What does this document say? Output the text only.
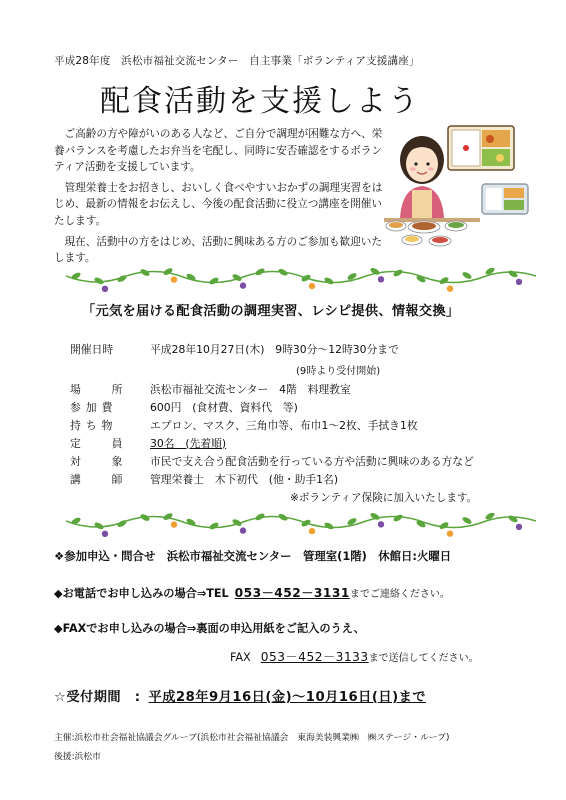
平成28年度　浜松市福祉交流センター　自主事業「ボランティア支援講座」
配食活動を支援しよう

　ご高齢の方や障がいのある人など、ご自分で調理が困難な方へ、栄養バランスを考慮したお弁当を宅配し、同時に安否確認をするボランティア活動を支援しています。

　管理栄養士をお招きし、おいしく食べやすいおかずの調理実習をはじめ、最新の情報をお伝えし、今後の配食活動に役立つ講座を開催いたします。

　現在、活動中の方をはじめ、活動に興味ある方のご参加も歓迎いたします。

「元気を届ける配食活動の調理実習、レシピ提供、情報交換」
開催日時	平成28年10月27日(木)　9時30分～12時30分まで
(9時より受付開始)
場　所	浜松市福祉交流センター　4階　料理教室
参加費	600円　(食材費、資料代　等)
持ち物	エプロン、マスク、三角巾等、布巾1～2枚、手拭き1枚
定　員	30名　(先着順)
対　象	市民で支え合う配食活動を行っている方や活動に興味のある方など
講　師	管理栄養士　木下初代　(他・助手1名)
※ボランティア保険に加入いたします。
❖参加申込・問合せ　浜松市福祉交流センター　管理室(1階)　休館日:火曜日
◆お電話でお申し込みの場合⇒TEL 053－452－3131までご連絡ください。
◆FAXでお申し込みの場合⇒裏面の申込用紙をご記入のうえ、
FAX 053－452－3133まで送信してください。
☆受付期間　: 平成28年9月16日(金)～10月16日(日)まで
主催:浜松市社会福祉協議会グループ(浜松市社会福祉協議会　東海美装興業㈱　㈱ステージ・ループ)
後援:浜松市
